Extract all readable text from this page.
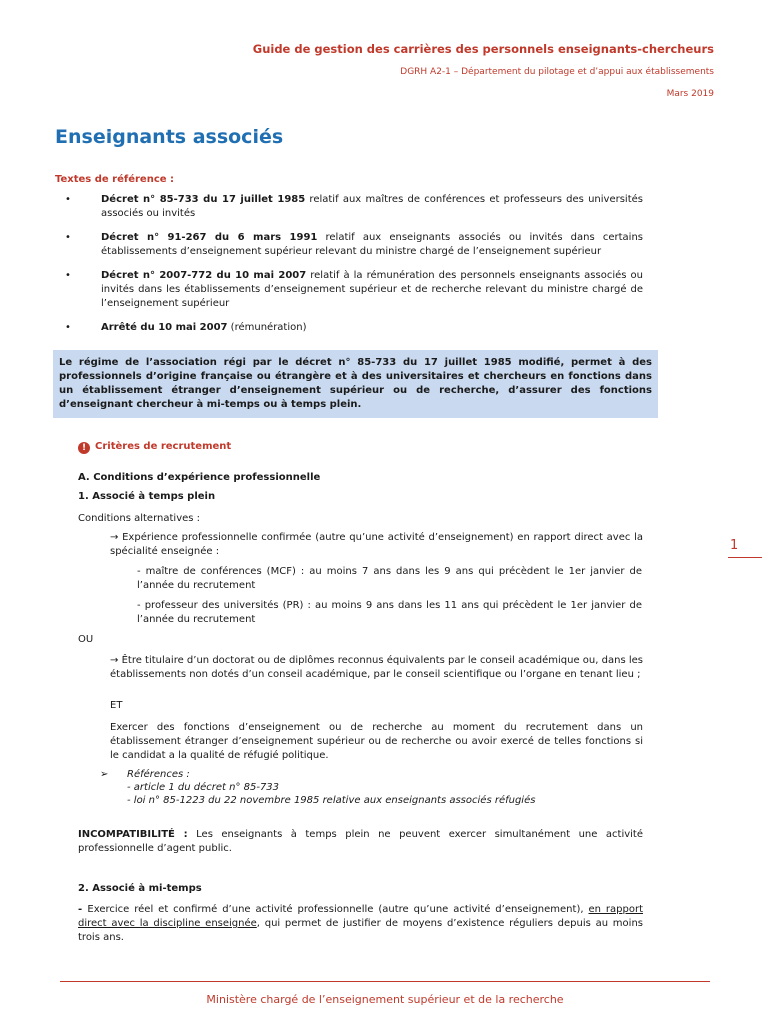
Guide de gestion des carrières des personnels enseignants-chercheurs
DGRH A2-1 – Département du pilotage et d’appui aux établissements
Mars 2019
Enseignants associés
Textes de référence :
•	Décret n° 85-733 du 17 juillet 1985 relatif aux maîtres de conférences et professeurs des universités associés ou invités
•	Décret n° 91-267 du 6 mars 1991 relatif aux enseignants associés ou invités dans certains établissements d’enseignement supérieur relevant du ministre chargé de l’enseignement supérieur
•	Décret n° 2007-772 du 10 mai 2007 relatif à la rémunération des personnels enseignants associés ou invités dans les établissements d’enseignement supérieur et de recherche relevant du ministre chargé de l’enseignement supérieur
•	Arrêté du 10 mai 2007 (rémunération)
Le régime de l’association régi par le décret n° 85-733 du 17 juillet 1985 modifié, permet à des professionnels d’origine française ou étrangère et à des universitaires et chercheurs en fonctions dans un établissement étranger d’enseignement supérieur ou de recherche, d’assurer des fonctions d’enseignant chercheur à mi-temps ou à temps plein.
! Critères de recrutement
A. Conditions d’expérience professionnelle
1. Associé à temps plein
Conditions alternatives :
→ Expérience professionnelle confirmée (autre qu’une activité d’enseignement) en rapport direct avec la spécialité enseignée :
- maître de conférences (MCF) : au moins 7 ans dans les 9 ans qui précèdent le 1er janvier de l’année du recrutement
- professeur des universités (PR) : au moins 9 ans dans les 11 ans qui précèdent le 1er janvier de l’année du recrutement
OU
→ Être titulaire d’un doctorat ou de diplômes reconnus équivalents par le conseil académique ou, dans les établissements non dotés d’un conseil académique, par le conseil scientifique ou l’organe en tenant lieu ;
ET
Exercer des fonctions d’enseignement ou de recherche au moment du recrutement dans un établissement étranger d’enseignement supérieur ou de recherche ou avoir exercé de telles fonctions si le candidat a la qualité de réfugié politique.
➢ Références :
- article 1 du décret n° 85-733
- loi n° 85-1223 du 22 novembre 1985 relative aux enseignants associés réfugiés
INCOMPATIBILITÉ : Les enseignants à temps plein ne peuvent exercer simultanément une activité professionnelle d’agent public.
2. Associé à mi-temps
- Exercice réel et confirmé d’une activité professionnelle (autre qu’une activité d’enseignement), en rapport direct avec la discipline enseignée, qui permet de justifier de moyens d’existence réguliers depuis au moins trois ans.
1
Ministère chargé de l’enseignement supérieur et de la recherche
